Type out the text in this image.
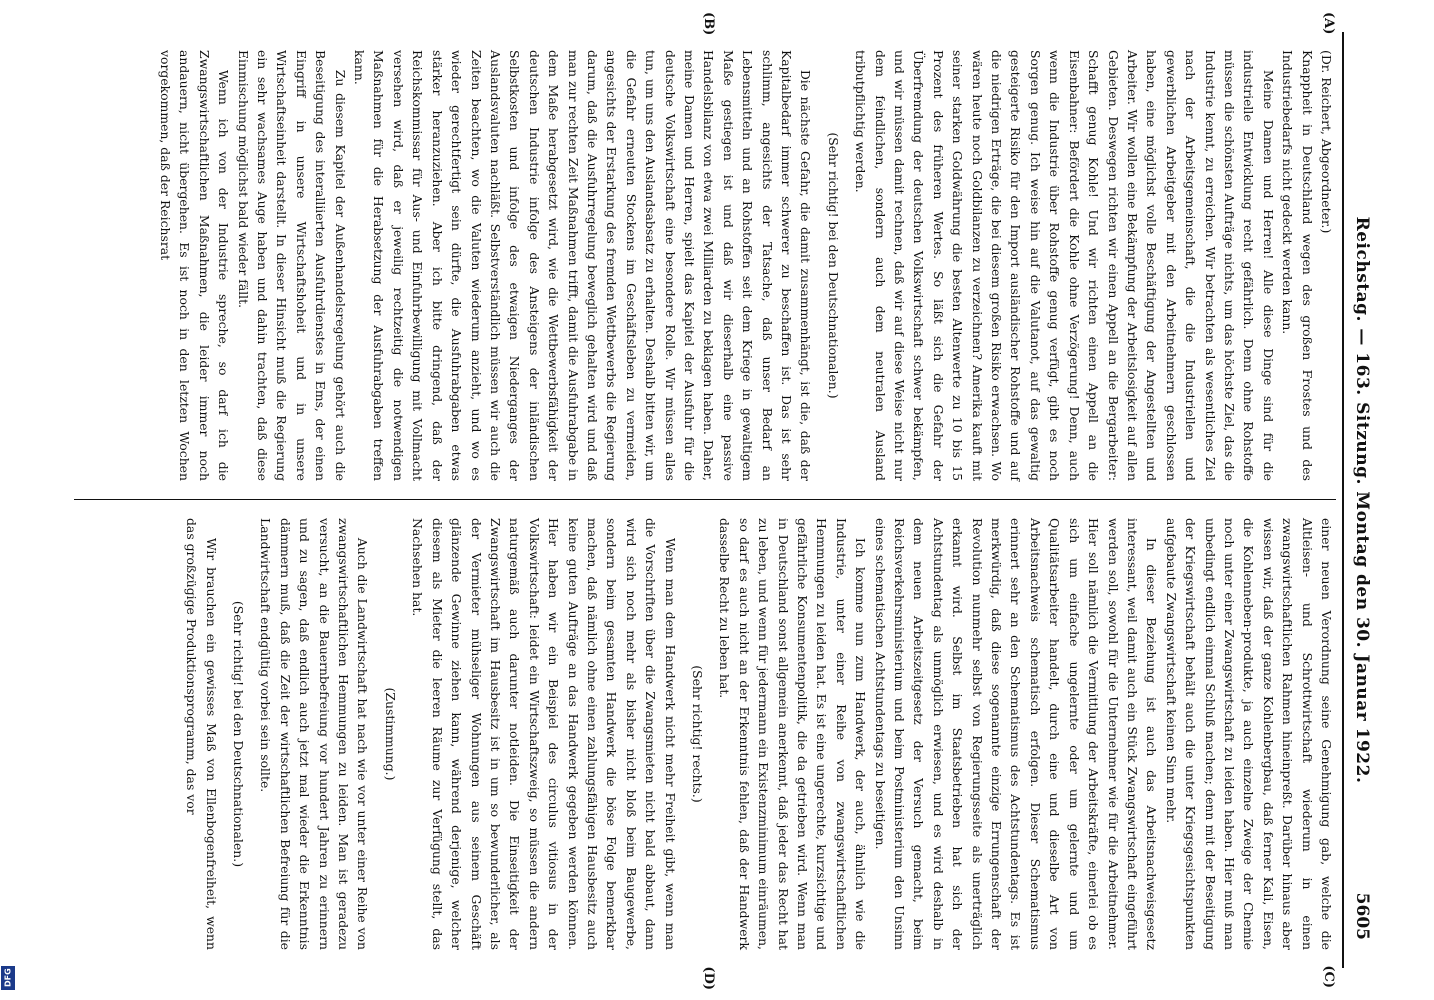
Reichstag. — 163. Sitzung. Montag den 30. Januar 1922.
5605
(A)
(B)
(C)
(D)

(Dr. Reichert, Abgeordneter.)

Knappheit in Deutschland wegen des großen Frostes und des Industriebedarfs nicht gedeckt werden kann.

Meine Damen und Herren! Alle diese Dinge sind für die industrielle Entwicklung recht gefährlich. Denn ohne Rohstoffe müssen die schönsten Aufträge nichts, um das höchste Ziel, das die Industrie kennt, zu erreichen. Wir betrachten als wesentliches Ziel nach der Arbeitsgemeinschaft, die die Industriellen und gewerblichen Arbeitgeber mit den Arbeitnehmern geschlossen haben, eine möglichst volle Beschäftigung der Angestellten und Arbeiter. Wir wollen eine Bekämpfung der Arbeitslosigkeit auf allen Gebieten. Deswegen richten wir einen Appell an die Bergarbeiter: Schafft genug Kohle! Und wir richten einen Appell an die Eisenbahner: Befördert die Kohle ohne Verzögerung! Denn, auch wenn die Industrie über Rohstoffe genug verfügt, gibt es noch Sorgen genug. Ich weise hin auf die Valutanot, auf das gewaltig gesteigerte Risiko für den Import ausländischer Rohstoffe und auf die niedrigen Erträge, die bei diesem großen Risiko erwachsen. Wo wären heute noch Goldbilanzen zu verzeichnen? Amerika kauft mit seiner starken Goldwährung die besten Altenwerte zu 10 bis 15 Prozent des früheren Wertes. So läßt sich die Gefahr der Überfremdung der deutschen Volkswirtschaft schwer bekämpfen, und wir müssen damit rechnen, daß wir auf diese Weise nicht nur dem feindlichen, sondern auch dem neutralen Ausland tributpflichtig werden.

(Sehr richtig! bei den Deutschnationalen.)

Die nächste Gefahr, die damit zusammenhängt, ist die, daß der Kapitalbedarf immer schwerer zu beschaffen ist. Das ist sehr schlimm, angesichts der Tatsache, daß unser Bedarf an Lebensmitteln und an Rohstoffen seit dem Kriege in gewaltigem Maße gestiegen ist und daß wir dieserhalb eine passive Handelsbilanz von etwa zwei Milliarden zu beklagen haben. Daher, meine Damen und Herren, spielt das Kapitel der Ausfuhr für die deutsche Volkswirtschaft eine besondere Rolle. Wir müssen alles tun, um uns den Auslandsabsatz zu erhalten. Deshalb bitten wir, um die Gefahr erneuten Stockens im Geschäftsleben zu vermeiden, angesichts der Erstarkung des fremden Wettbewerbs die Regierung darum, daß die Ausfuhrregelung beweglich gehalten wird und daß man zur rechten Zeit Maßnahmen trifft, damit die Ausfuhrabgabe in dem Maße herabgesetzt wird, wie die Wettbewerbsfähigkeit der deutschen Industrie infolge des Ansteigens der inländischen Selbstkosten und infolge des etwaigen Niederganges der Auslandsvaluten nachläßt. Selbstverständlich müssen wir auch die Zeiten beachten, wo die Valuten wiederum anzieht, und wo es wieder gerechtfertigt sein dürfte, die Ausfuhrabgaben etwas stärker heranzuziehen. Aber ich bitte dringend, daß der Reichskommissar für Aus- und Einfuhrbewilligung mit Vollmacht versehen wird, daß er jeweilig rechtzeitig die notwendigen Maßnahmen für die Herabsetzung der Ausfuhrabgaben treffen kann.

Zu diesem Kapitel der Außenhandelsregelung gehört auch die Beseitigung des interalliierten Ausfuhrdienstes in Ems, der einen Eingriff in unsere Wirtschaftshoheit und in unsere Wirtschaftseinheit darstellt. In dieser Hinsicht muß die Regierung ein sehr wachsames Auge haben und dahin trachten, daß diese Einmischung möglichst bald wieder fällt.

Wenn ich von der Industrie spreche, so darf ich die Zwangswirtschaftlichen Maßnahmen, die leider immer noch andauern, nicht übergehen. Es ist noch in den letzten Wochen vorgekommen, daß der Reichsrat

einer neuen Verordnung seine Genehmigung gab, welche die Altleisen- und Schrottwirtschaft wiederum in einen zwangswirtschaftlichen Rahmen hineinpreßt. Darüber hinaus aber wissen wir, daß der ganze Kohlenbergbau, daß ferner Kali, Eisen, die Kohlenneben-produkte, ja auch einzelne Zweige der Chemie noch unter einer Zwangswirtschaft zu leiden haben. Hier muß man unbedingt endlich einmal Schluß machen; denn mit der Beseitigung der Kriegswirtschaft behält auch die unter Kriegsgesichtspunkten aufgebaute Zwangswirtschaft keinen Sinn mehr.

In dieser Beziehung ist auch das Arbeitsnachweisgesetz interessant, weil damit auch ein Stück Zwangswirtschaft eingeführt werden soll, sowohl für die Unternehmer wie für die Arbeitnehmer. Hier soll nämlich die Vermittlung der Arbeitskräfte, einerlei ob es sich um einfache ungelernte oder um gelernte und um Qualitätsarbeiter handelt, durch eine und dieselbe Art von Arbeitsnachweis schematisch erfolgen. Dieser Schematismus erinnert sehr an den Schematismus des Achtstundentags. Es ist merkwürdig, daß diese sogenannte einzige Errungenschaft der Revolution nunmehr selbst von Regierungsseite als unerträglich erkannt wird. Selbst im Staatsbetrieben hat sich der Achtstundentag als unmöglich erwiesen, und es wird deshalb in dem neuen Arbeitszeitgesetz der Versuch gemacht, beim Reichsverkehrsministerium und beim Postministerium den Unsinn eines schematischen Achtstundentags zu beseitigen.

Ich komme nun zum Handwerk, der auch, ähnlich wie die Industrie, unter einer Reihe von zwangswirtschaftlichen Hemmungen zu leiden hat. Es ist eine ungerechte, kurzsichtige und gefährliche Konsumentenpolitik, die da getrieben wird. Wenn man in Deutschland sonst allgemein anerkennt, daß jeder das Recht hat zu leben, und wenn für jedermann ein Existenzminimum einräumen, so darf es auch nicht an der Erkenntnis fehlen, daß der Handwerk dasselbe Recht zu leben hat.

(Sehr richtig! rechts.)

Wenn man dem Handwerk nicht mehr Freiheit gibt, wenn man die Vorschriften über die Zwangsmieten nicht bald abbaut, dann wird sich noch mehr als bisher nicht bloß beim Baugewerbe, sondern beim gesamten Handwerk die böse Folge bemerkbar machen, daß nämlich ohne einen zahlungsfähigen Hausbesitz auch keine guten Aufträge an das Handwerk gegeben werden können. Hier haben wir ein Beispiel des circulus vitiosus in der Volkswirtschaft: leidet ein Wirtschaftszweig, so müssen die andern naturgemäß auch darunter notleiden. Die Einseitigkeit der Zwangswirtschaft im Hausbesitz ist in um so bewunderlicher, als der Vermieter mühseliger Wohnungen aus seinem Geschäft glänzende Gewinne ziehen kann, während derjenige, welcher diesem als Mieter die leeren Räume zur Verfügung stellt, das Nachsehen hat.

(Zustimmung.)

Auch die Landwirtschaft hat nach wie vor unter einer Reihe von zwangswirtschaftlichen Hemmungen zu leiden. Man ist geradezu versucht, an die Bauernbefreiung vor hundert Jahren zu erinnern und zu sagen, daß endlich auch jetzt mal wieder die Erkenntnis dämmern muß, daß die Zeit der wirtschaftlichen Befreiung für die Landwirtschaft endgültig vorbei sein sollte.

(Sehr richtig! bei den Deutschnationalen.)

Wir brauchen ein gewisses Maß von Ellenbogenfreiheit, wenn das großzügige Produktionsprogramm, das vor

DFG
